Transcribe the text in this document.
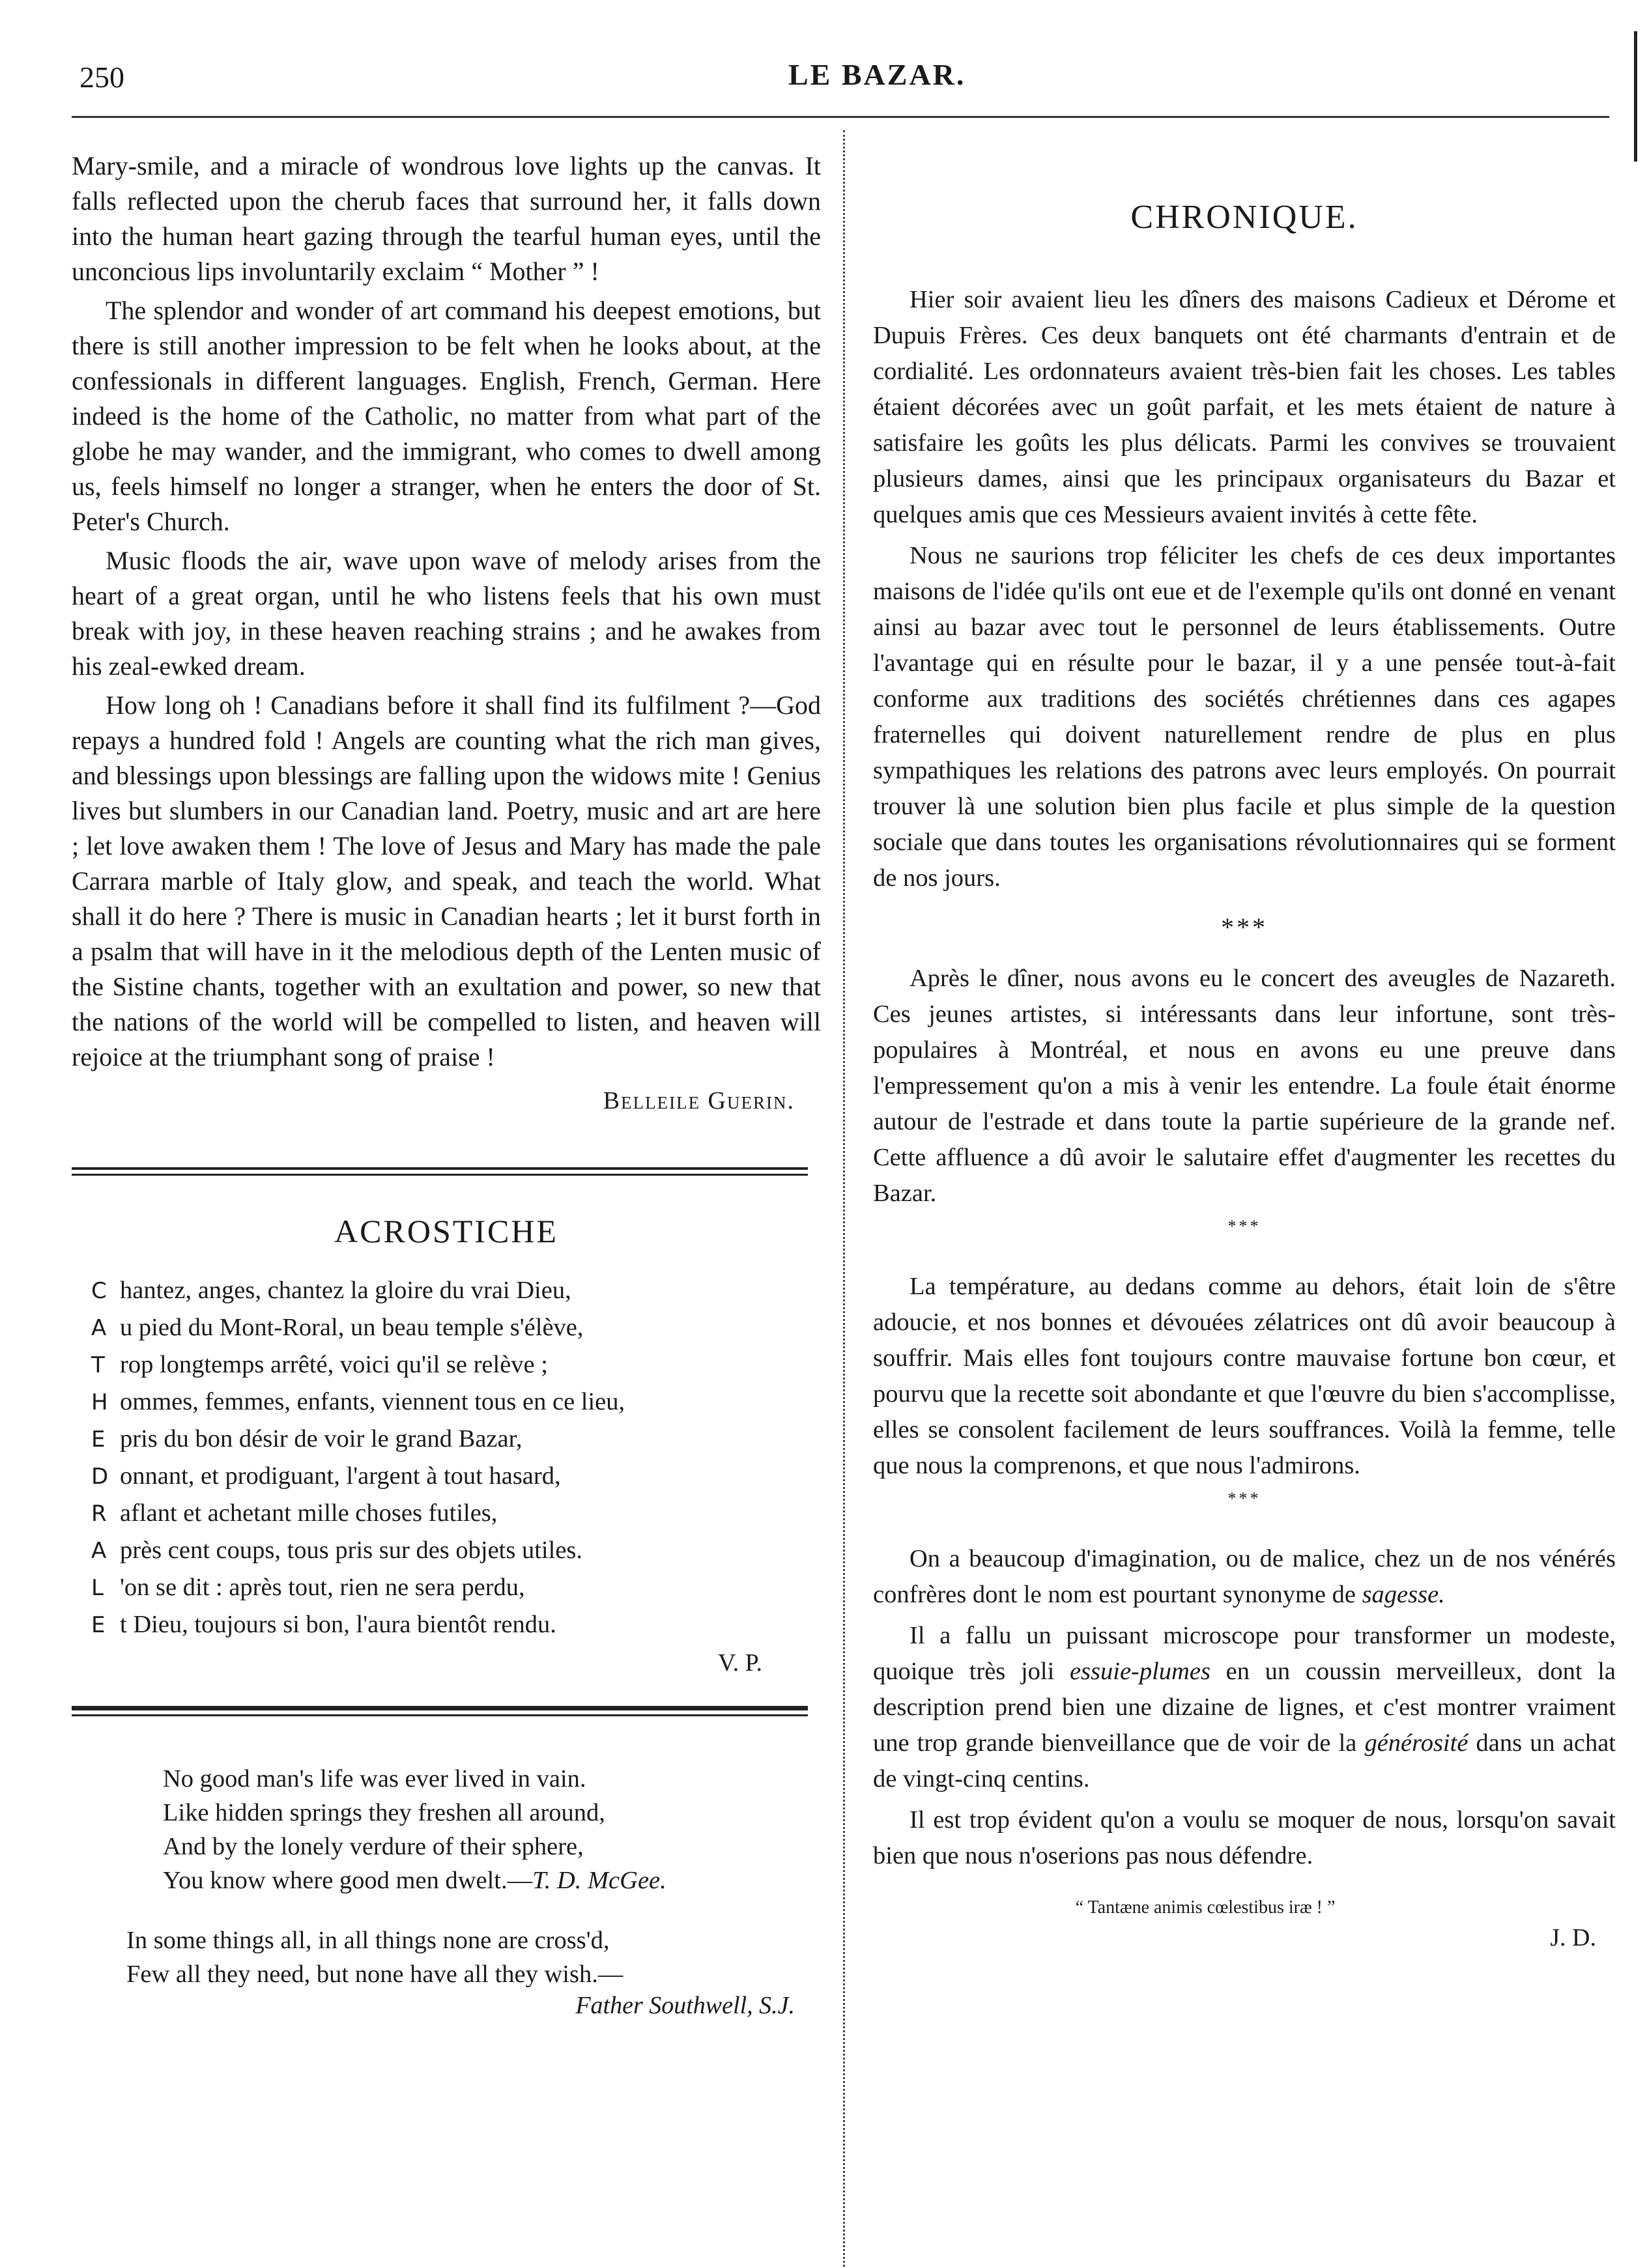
250	LE BAZAR.

Mary-smile, and a miracle of wondrous love lights up the canvas. It falls reflected upon the cherub faces that surround her, it falls down into the human heart gazing through the tearful human eyes, until the unconcious lips involuntarily exclaim “ Mother ” !

The splendor and wonder of art command his deepest emotions, but there is still another impression to be felt when he looks about, at the confessionals in different languages. English, French, German. Here indeed is the home of the Catholic, no matter from what part of the globe he may wander, and the immigrant, who comes to dwell among us, feels himself no longer a stranger, when he enters the door of St. Peter's Church.

Music floods the air, wave upon wave of melody arises from the heart of a great organ, until he who listens feels that his own must break with joy, in these heaven reaching strains ; and he awakes from his zeal-ewked dream.

How long oh ! Canadians before it shall find its fulfilment ?—God repays a hundred fold ! Angels are counting what the rich man gives, and blessings upon blessings are falling upon the widows mite ! Genius lives but slumbers in our Canadian land. Poetry, music and art are here ; let love awaken them ! The love of Jesus and Mary has made the pale Carrara marble of Italy glow, and speak, and teach the world. What shall it do here ? There is music in Canadian hearts ; let it burst forth in a psalm that will have in it the melodious depth of the Lenten music of the Sistine chants, together with an exultation and power, so new that the nations of the world will be compelled to listen, and heaven will rejoice at the triumphant song of praise !

Belleile Guerin.
ACROSTICHE
C hantez, anges, chantez la gloire du vrai Dieu,
A u pied du Mont-Roral, un beau temple s'élève,
T rop longtemps arrêté, voici qu'il se relève ;
H ommes, femmes, enfants, viennent tous en ce lieu,
E pris du bon désir de voir le grand Bazar,
D onnant, et prodiguant, l'argent à tout hasard,
R aflant et achetant mille choses futiles,
A près cent coups, tous pris sur des objets utiles.
L 'on se dit : après tout, rien ne sera perdu,
E t Dieu, toujours si bon, l'aura bientôt rendu.
V. P.
No good man's life was ever lived in vain.
Like hidden springs they freshen all around,
And by the lonely verdure of their sphere,
You know where good men dwelt.—T. D. McGee.
In some things all, in all things none are cross'd,
Few all they need, but none have all they wish.—
Father Southwell, S.J.
CHRONIQUE.

Hier soir avaient lieu les dîners des maisons Cadieux et Dérome et Dupuis Frères. Ces deux banquets ont été charmants d'entrain et de cordialité. Les ordonnateurs avaient très-bien fait les choses. Les tables étaient décorées avec un goût parfait, et les mets étaient de nature à satisfaire les goûts les plus délicats. Parmi les convives se trouvaient plusieurs dames, ainsi que les principaux organisateurs du Bazar et quelques amis que ces Messieurs avaient invités à cette fête.

Nous ne saurions trop féliciter les chefs de ces deux importantes maisons de l'idée qu'ils ont eue et de l'exemple qu'ils ont donné en venant ainsi au bazar avec tout le personnel de leurs établissements. Outre l'avantage qui en résulte pour le bazar, il y a une pensée tout-à-fait conforme aux traditions des sociétés chrétiennes dans ces agapes fraternelles qui doivent naturellement rendre de plus en plus sympathiques les relations des patrons avec leurs employés. On pourrait trouver là une solution bien plus facile et plus simple de la question sociale que dans toutes les organisations révolutionnaires qui se forment de nos jours.

***

Après le dîner, nous avons eu le concert des aveugles de Nazareth. Ces jeunes artistes, si intéressants dans leur infortune, sont très-populaires à Montréal, et nous en avons eu une preuve dans l'empressement qu'on a mis à venir les entendre. La foule était énorme autour de l'estrade et dans toute la partie supérieure de la grande nef. Cette affluence a dû avoir le salutaire effet d'augmenter les recettes du Bazar.

***

La température, au dedans comme au dehors, était loin de s'être adoucie, et nos bonnes et dévouées zélatrices ont dû avoir beaucoup à souffrir. Mais elles font toujours contre mauvaise fortune bon cœur, et pourvu que la recette soit abondante et que l'œuvre du bien s'accomplisse, elles se consolent facilement de leurs souffrances. Voilà la femme, telle que nous la comprenons, et que nous l'admirons.

***

On a beaucoup d'imagination, ou de malice, chez un de nos vénérés confrères dont le nom est pourtant synonyme de sagesse.

Il a fallu un puissant microscope pour transformer un modeste, quoique très joli essuie-plumes en un coussin merveilleux, dont la description prend bien une dizaine de lignes, et c'est montrer vraiment une trop grande bienveillance que de voir de la générosité dans un achat de vingt-cinq centins.

Il est trop évident qu'on a voulu se moquer de nous, lorsqu'on savait bien que nous n'oserions pas nous défendre.

“ Tantæne animis cœlestibus iræ ! ”
J. D.
